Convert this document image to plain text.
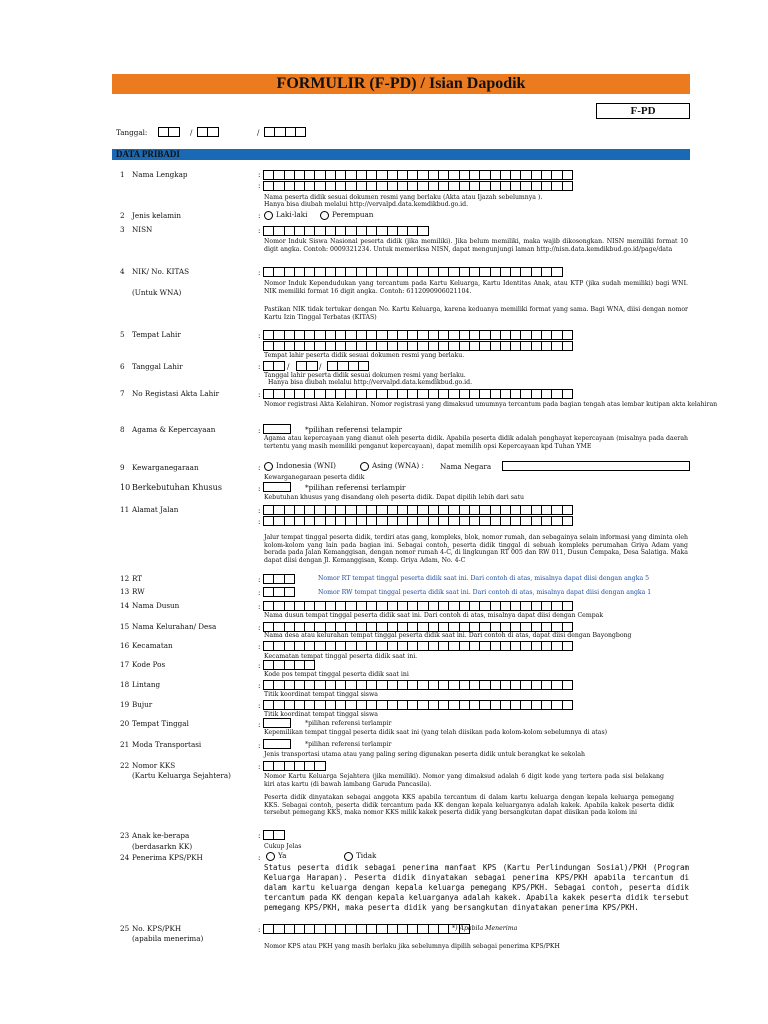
FORMULIR (F-PD) / Isian Dapodik
F-PD
Tanggal:	/	/
DATA PRIBADI
1 Nama Lengkap	:
:
Nama peserta didik sesuai dokumen resmi yang berlaku (Akta atau Ijazah sebelumnya ).
Hanya bisa diubah melalui http://vervalpd.data.kemdikbud.go.id.
2 Jenis kelamin	:	Laki-laki	Perempuan
3 NISN	:
Nomor Induk Siswa Nasional peserta didik (jika memiliki). Jika belum memiliki, maka wajib dikosongkan. NISN memiliki format 10 digit angka. Contoh: 0009321234. Untuk memeriksa NISN, dapat mengunjungi laman http://nisn.data.kemdikbud.go.id/page/data
4 NIK/ No. KITAS
(Untuk WNA)
:
Nomor Induk Kependudukan yang tercantum pada Kartu Keluarga, Kartu Identitas Anak, atau KTP (jika sudah memiliki) bagi WNI. NIK memiliki format 16 digit angka. Contoh: 6112090906021104.
Pastikan NIK tidak tertukar dengan No. Kartu Keluarga, karena keduanya memiliki format yang sama. Bagi WNA, diisi dengan nomor Kartu Izin Tinggal Terbatas (KITAS)
5 Tempat Lahir	:
Tempat lahir peserta didik sesuai dokumen resmi yang berlaku.
6 Tanggal Lahir	:	/	/
Tanggal lahir peserta didik sesuai dokumen resmi yang berlaku.
Hanya bisa diubah melalui http://vervalpd.data.kemdikbud.go.id.
7 No Registasi Akta Lahir	:
Nomor registrasi Akta Kelahiran. Nomor registrasi yang dimaksud umumnya tercantum pada bagian tengah atas lembar kutipan akta kelahiran
8 Agama & Kepercayaan	:	*pilihan referensi telampir
Agama atau kepercayaan yang dianut oleh peserta didik. Apabila peserta didik adalah penghayat kepercayaan (misalnya pada daerah tertentu yang masih memiliki penganut kepercayaan), dapat memilih opsi Kepercayaan kpd Tuhan YME
9 Kewarganegaraan	:	Indonesia (WNI)	Asing (WNA) : Nama Negara
Kewarganegaraan peserta didik
10 Berkebutuhan Khusus	:	*pilihan referensi terlampir
Kebutuhan khusus yang disandang oleh peserta didik. Dapat dipilih lebih dari satu
11 Alamat Jalan	:
:
Jalur tempat tinggal peserta didik, terdiri atas gang, kompleks, blok, nomor rumah, dan sebagainya selain informasi yang diminta oleh kolom-kolom yang lain pada bagian ini. Sebagai contoh, peserta didik tinggal di sebuah kompleks perumahan Griya Adam yang berada pada Jalan Kemanggisan, dengan nomor rumah 4-C, di lingkungan RT 005 dan RW 011, Dusun Cempaka, Desa Salatiga. Maka dapat diisi dengan Jl. Kemanggisan, Komp. Griya Adam, No. 4-C
12 RT	:	Nomor RT tempat tinggal peserta didik saat ini. Dari contoh di atas, misalnya dapat diisi dengan angka 5
13 RW	:	Nomor RW tempat tinggal peserta didik saat ini. Dari contoh di atas, misalnya dapat diisi dengan angka 1
14 Nama Dusun	:
Nama dusun tempat tinggal peserta didik saat ini. Dari contoh di atas, misalnya dapat diisi dengan Cempak
15 Nama Kelurahan/ Desa	:
Nama desa atau kelurahan tempat tinggal peserta didik saat ini. Dari contoh di atas, dapat diisi dengan Bayongbong
16 Kecamatan	:
Kecamatan tempat tinggal peserta didik saat ini.
17 Kode Pos	:
Kode pos tempat tinggal peserta didik saat ini
18 Lintang	:
Titik koordinat tempat tinggal siswa
19 Bujur	:
Titik koordinat tempat tinggal siswa
20 Tempat Tinggal	:	*pilihan referensi terlampir
Kepemilikan tempat tinggal peserta didik saat ini (yang telah diisikan pada kolom-kolom sebelumnya di atas)
21 Moda Transportasi	:	*pilihan referensi terlampir
Jenis transportasi utama atau yang paling sering digunakan peserta didik untuk berangkat ke sekolah
22 Nomor KKS
(Kartu Keluarga Sejahtera)
:
Nomor Kartu Keluarga Sejahtera (jika memiliki). Nomor yang dimaksud adalah 6 digit kode yang tertera pada sisi belakang kiri atas kartu (di bawah lambang Garuda Pancasila).
Peserta didik dinyatakan sebagai anggota KKS apabila tercantum di dalam kartu keluarga dengan kepala keluarga pemegang KKS. Sebagai contoh, peserta didik tercantum pada KK dengan kepala keluarganya adalah kakek. Apabila kakek peserta didik tersebut pemegang KKS, maka nomor KKS milik kakek peserta didik yang bersangkutan dapat diisikan pada kolom ini
23 Anak ke-berapa
(berdasarkn KK)
:
Cukup Jelas
24 Penerima KPS/PKH	:	Ya	Tidak
Status peserta didik sebagai penerima manfaat KPS (Kartu Perlindungan Sosial)/PKH (Program Keluarga Harapan). Peserta didik dinyatakan sebagai penerima KPS/PKH apabila tercantum di dalam kartu keluarga dengan kepala keluarga pemegang KPS/PKH. Sebagai contoh, peserta didik tercantum pada KK dengan kepala keluarganya adalah kakek. Apabila kakek peserta didik tersebut pemegang KPS/PKH, maka peserta didik yang bersangkutan dinyatakan penerima KPS/PKH.
25 No. KPS/PKH
(apabila menerima)
:	*) Apabila Menerima
Nomor KPS atau PKH yang masih berlaku jika sebelumnya dipilih sebagai penerima KPS/PKH
